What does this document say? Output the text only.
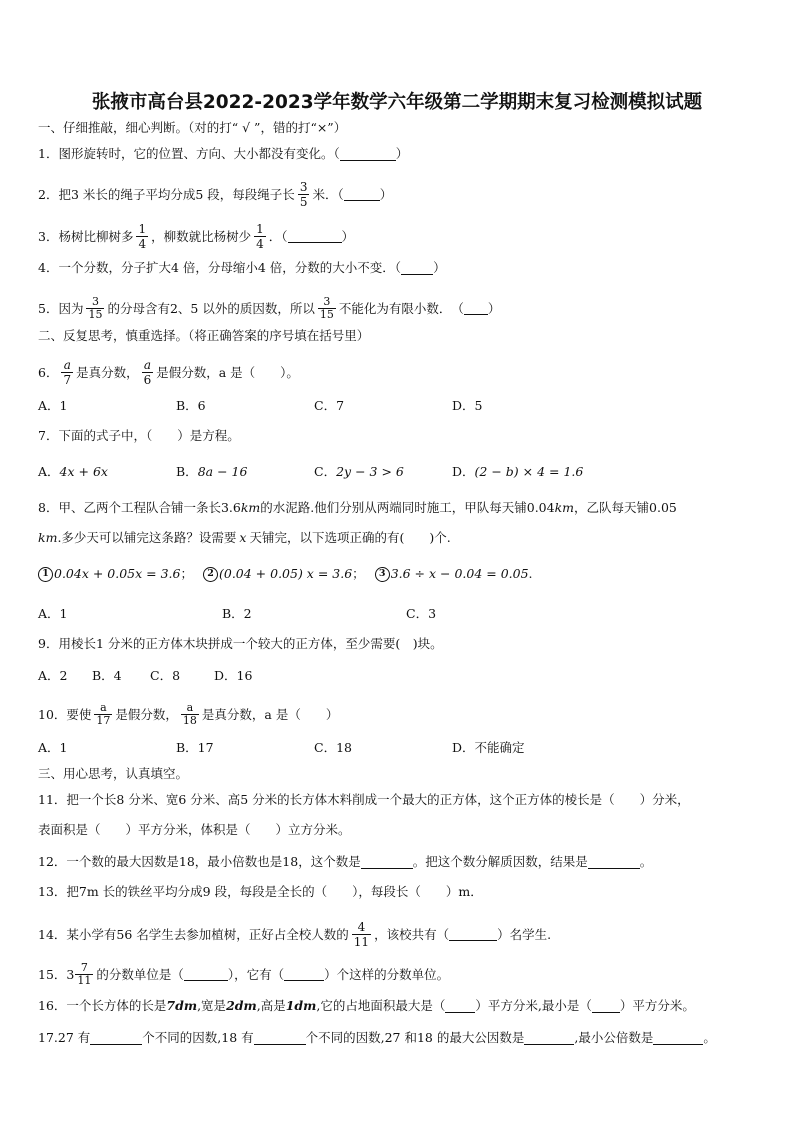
张掖市高台县2022-2023学年数学六年级第二学期期末复习检测模拟试题
一、仔细推敲，细心判断。（对的打“ √ ”，错的打“×”）
1．图形旋转时，它的位置、方向、大小都没有变化。（	）
2．把3 米长的绳子平均分成5 段，每段绳子长 $\frac{3}{5}$ 米．（	）
3．杨树比柳树多 $\frac{1}{4}$ ，柳数就比杨树少 $\frac{1}{4}$ ．（	）
4．一个分数，分子扩大4 倍，分母缩小4 倍，分数的大小不变．（	）
5．因为 $\frac{3}{15}$ 的分母含有2、5 以外的质因数，所以 $\frac{3}{15}$ 不能化为有限小数．　（ ）
二、反复思考，慎重选择。（将正确答案的序号填在括号里）
6． $\frac{a}{7}$ 是真分数， $\frac{a}{6}$ 是假分数，a 是（　　）。
A．1	B．6	C．7	D．5
7．下面的式子中，（　　）是方程。
A． 4x + 6x	B． 8a − 16	C． 2y − 3 > 6	D． (2 − b) × 4 = 1.6
8．甲、乙两个工程队合铺一条长3.6 km 的水泥路.他们分别从两端同时施工，甲队每天铺0.04 km ，乙队每天铺0.05
km .多少天可以铺完这条路？设需要 x 天铺完，以下选项正确的有(　　)个.
1 0.04x + 0.05x = 3.6 ；	2 (0.04 + 0.05) x = 3.6 ；	3 3.6 ÷ x − 0.04 = 0.05 .
A．1	B．2	C．3
9．用棱长1 分米的正方体木块拼成一个较大的正方体，至少需要(　)块。
A．2 B．4 C．8	D．16
10．要使 $\frac{a}{17}$ 是假分数， $\frac{a}{18}$ 是真分数，a 是（　　）
A．1	B．17	C．18	D．不能确定
三、用心思考，认真填空。
11．把一个长8 分米、宽6 分米、高5 分米的长方体木料削成一个最大的正方体，这个正方体的棱长是（　　）分米，
表面积是（　　）平方分米，体积是（　　）立方分米。
12．一个数的最大因数是18，最小倍数也是18，这个数是	。把这个数分解质因数，结果是	。
13．把7m 长的铁丝平均分成9 段，每段是全长的（　　），每段长（　　）m．
14．某小学有56 名学生去参加植树，正好占全校人数的 $\frac{4}{11}$ ，该校共有（	）名学生.
15． $3 \frac{7}{11}$ 的分数单位是（	），它有（	）个这样的分数单位。
16．一个长方体的长是 7dm ,宽是 2dm ,高是 1dm ,它的占地面积最大是（ ）平方分米,最小是（ ）平方分米。
17.27 有	个不同的因数,18 有	个不同的因数,27 和18 的最大公因数是	,最小公倍数是	。
